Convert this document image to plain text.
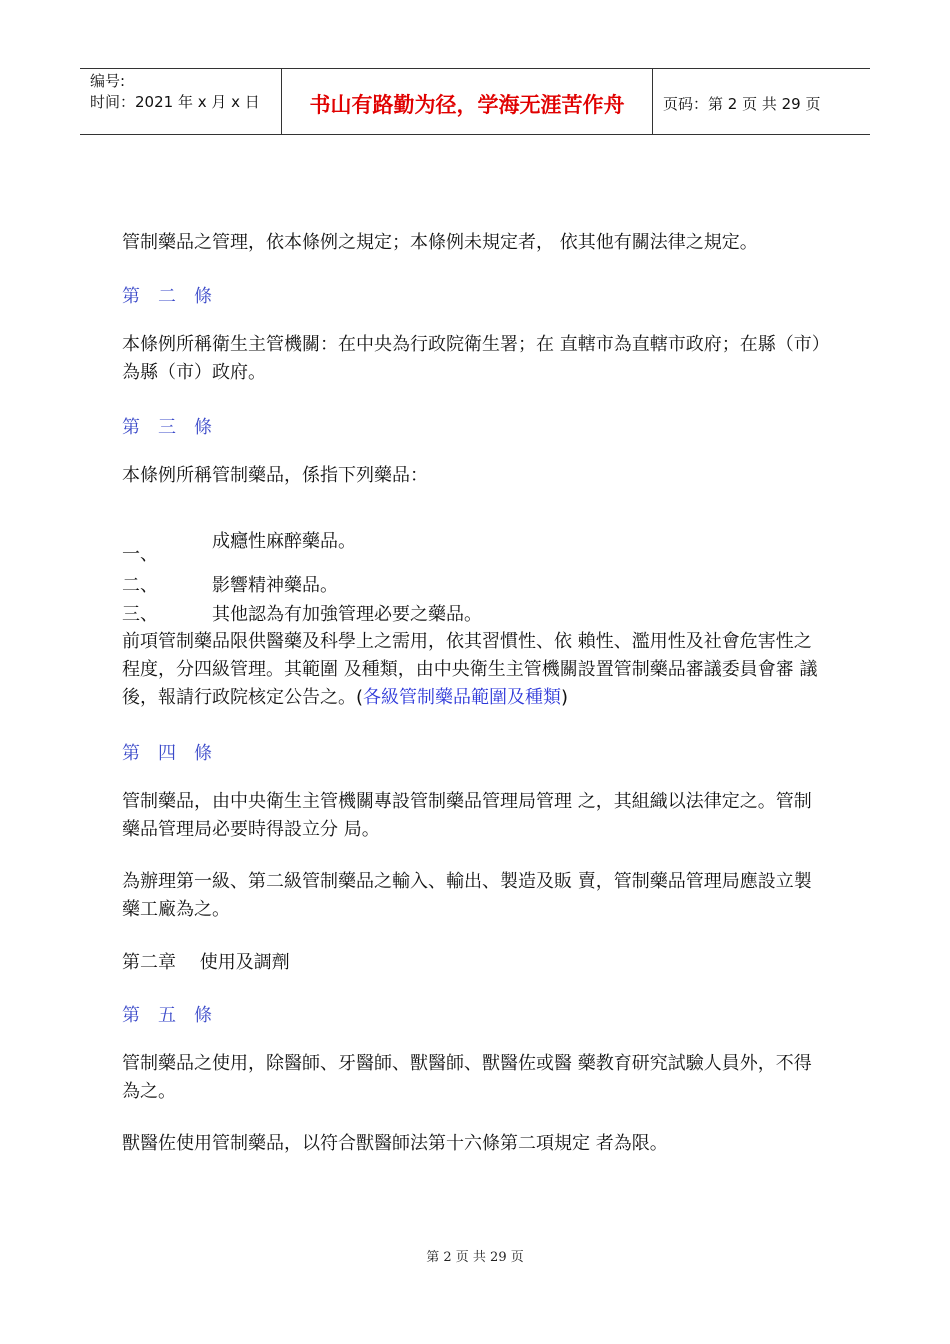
编号:
时间：2021 年 x 月 x 日	书山有路勤为径，学海无涯苦作舟	页码：第 2 页 共 29 页

管制藥品之管理，依本條例之規定；本條例未規定者， 依其他有關法律之規定。

第 二 條

本條例所稱衛生主管機關：在中央為行政院衛生署；在 直轄市為直轄市政府；在縣（市）為縣（市）政府。

第 三 條

本條例所稱管制藥品，係指下列藥品：

一、
成癮性麻醉藥品。
二、	影響精神藥品。
三、	其他認為有加強管理必要之藥品。

前項管制藥品限供醫藥及科學上之需用，依其習慣性、依 賴性、濫用性及社會危害性之程度，分四級管理。其範圍 及種類，由中央衛生主管機關設置管制藥品審議委員會審 議後，報請行政院核定公告之。(各級管制藥品範圍及種類)

第 四 條

管制藥品，由中央衛生主管機關專設管制藥品管理局管理 之，其組織以法律定之。管制藥品管理局必要時得設立分 局。

為辦理第一級、第二級管制藥品之輸入、輸出、製造及販 賣，管制藥品管理局應設立製藥工廠為之。

第二章　 使用及調劑
第 五 條

管制藥品之使用，除醫師、牙醫師、獸醫師、獸醫佐或醫 藥教育研究試驗人員外，不得為之。

獸醫佐使用管制藥品，以符合獸醫師法第十六條第二項規定 者為限。

第 2 页 共 29 页
